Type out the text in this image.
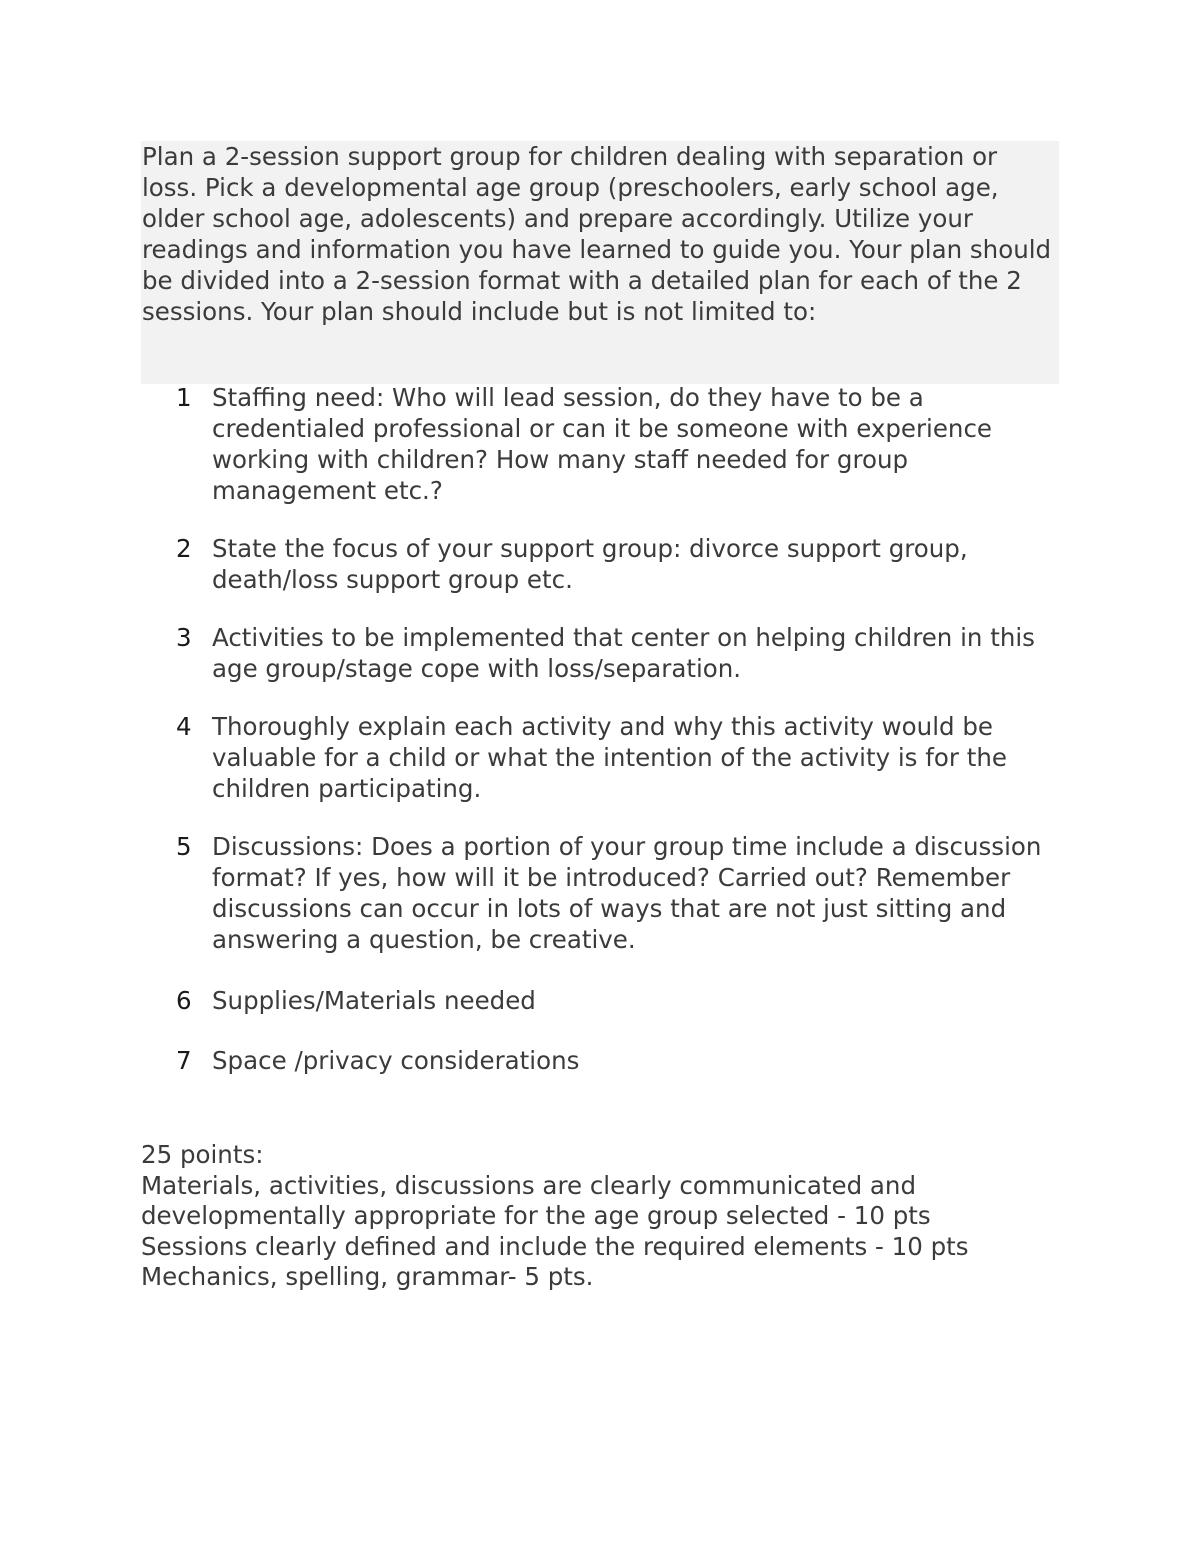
Plan a 2-session support group for children dealing with separation or loss. Pick a developmental age group (preschoolers, early school age, older school age, adolescents) and prepare accordingly. Utilize your readings and information you have learned to guide you. Your plan should be divided into a 2-session format with a detailed plan for each of the 2 sessions. Your plan should include but is not limited to:
1 Staffing need: Who will lead session, do they have to be a credentialed professional or can it be someone with experience working with children? How many staff needed for group management etc.?
2 State the focus of your support group: divorce support group, death/loss support group etc.
3 Activities to be implemented that center on helping children in this age group/stage cope with loss/separation.
4 Thoroughly explain each activity and why this activity would be valuable for a child or what the intention of the activity is for the children participating.
5 Discussions: Does a portion of your group time include a discussion format? If yes, how will it be introduced? Carried out? Remember discussions can occur in lots of ways that are not just sitting and answering a question, be creative.
6 Supplies/Materials needed
7 Space /privacy considerations
25 points:
Materials, activities, discussions are clearly communicated and
developmentally appropriate for the age group selected - 10 pts
Sessions clearly defined and include the required elements - 10 pts
Mechanics, spelling, grammar- 5 pts.
